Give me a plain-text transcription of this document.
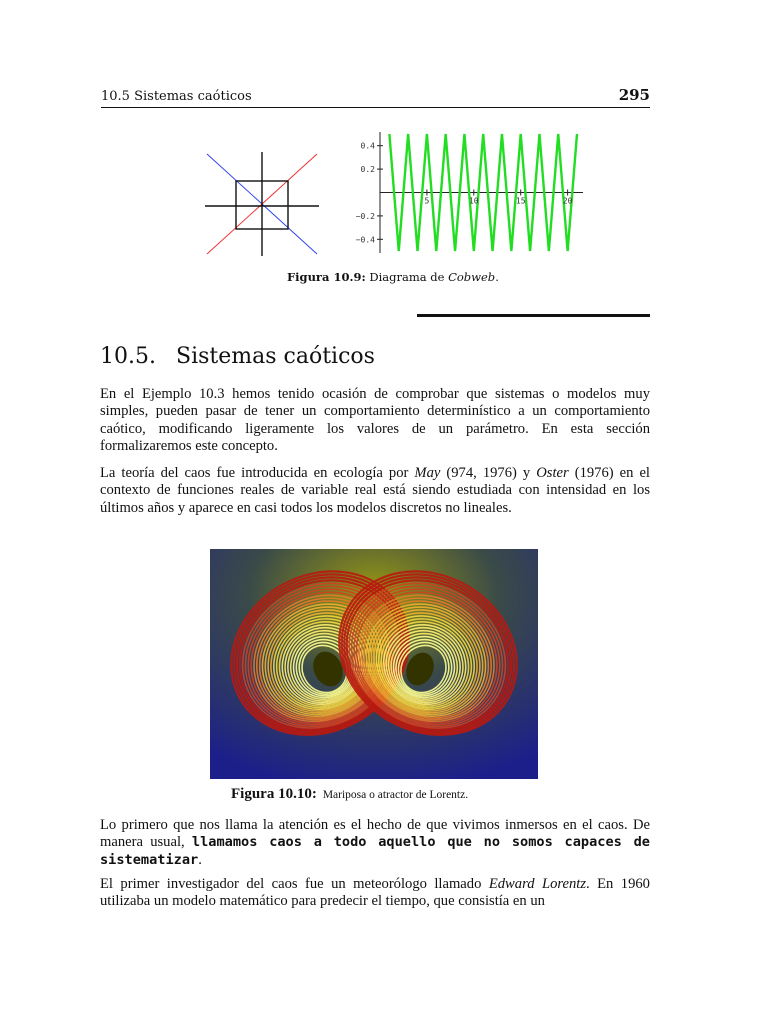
10.5 Sistemas caóticos	295
5	10	15	20
0.4
0.2
−0.2
−0.4
Figura 10.9: Diagrama de Cobweb.
10.5. Sistemas caóticos
En el Ejemplo 10.3 hemos tenido ocasión de comprobar que sistemas o modelos muy simples, pueden pasar de tener un comportamiento determinístico a un comportamiento caótico, modificando ligeramente los valores de un parámetro. En esta sección formalizaremos este concepto.
La teoría del caos fue introducida en ecología por May (974, 1976) y Oster (1976) en el contexto de funciones reales de variable real está siendo estudiada con intensidad en los últimos años y aparece en casi todos los modelos discretos no lineales.
Figura 10.10: Mariposa o atractor de Lorentz.
Lo primero que nos llama la atención es el hecho de que vivimos inmersos en el caos. De manera usual, llamamos caos a todo aquello que no somos capaces de sistematizar.
El primer investigador del caos fue un meteorólogo llamado Edward Lorentz. En 1960 utilizaba un modelo matemático para predecir el tiempo, que consistía en un
